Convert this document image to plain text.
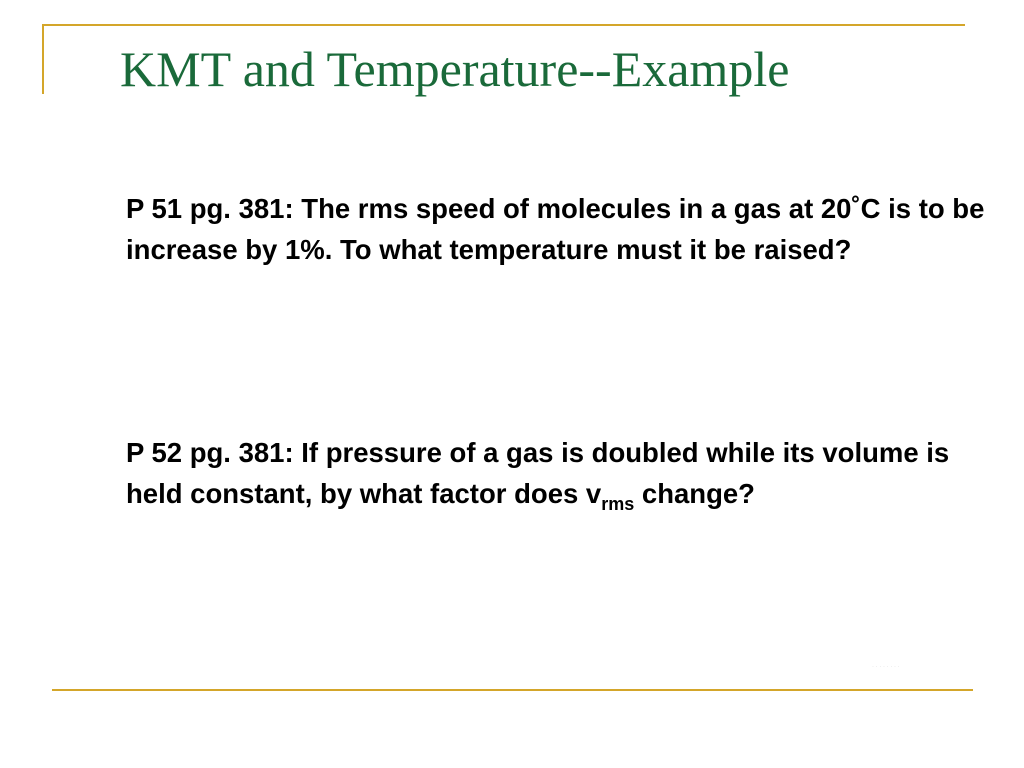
KMT and Temperature--Example

P 51 pg. 381: The rms speed of molecules in a gas at 20˚C is to be increase by 1%. To what temperature must it be raised?

P 52 pg. 381: If pressure of a gas is doubled while its volume is held constant, by what factor does $v_{rms}$ change?

· · · · · · · ·
